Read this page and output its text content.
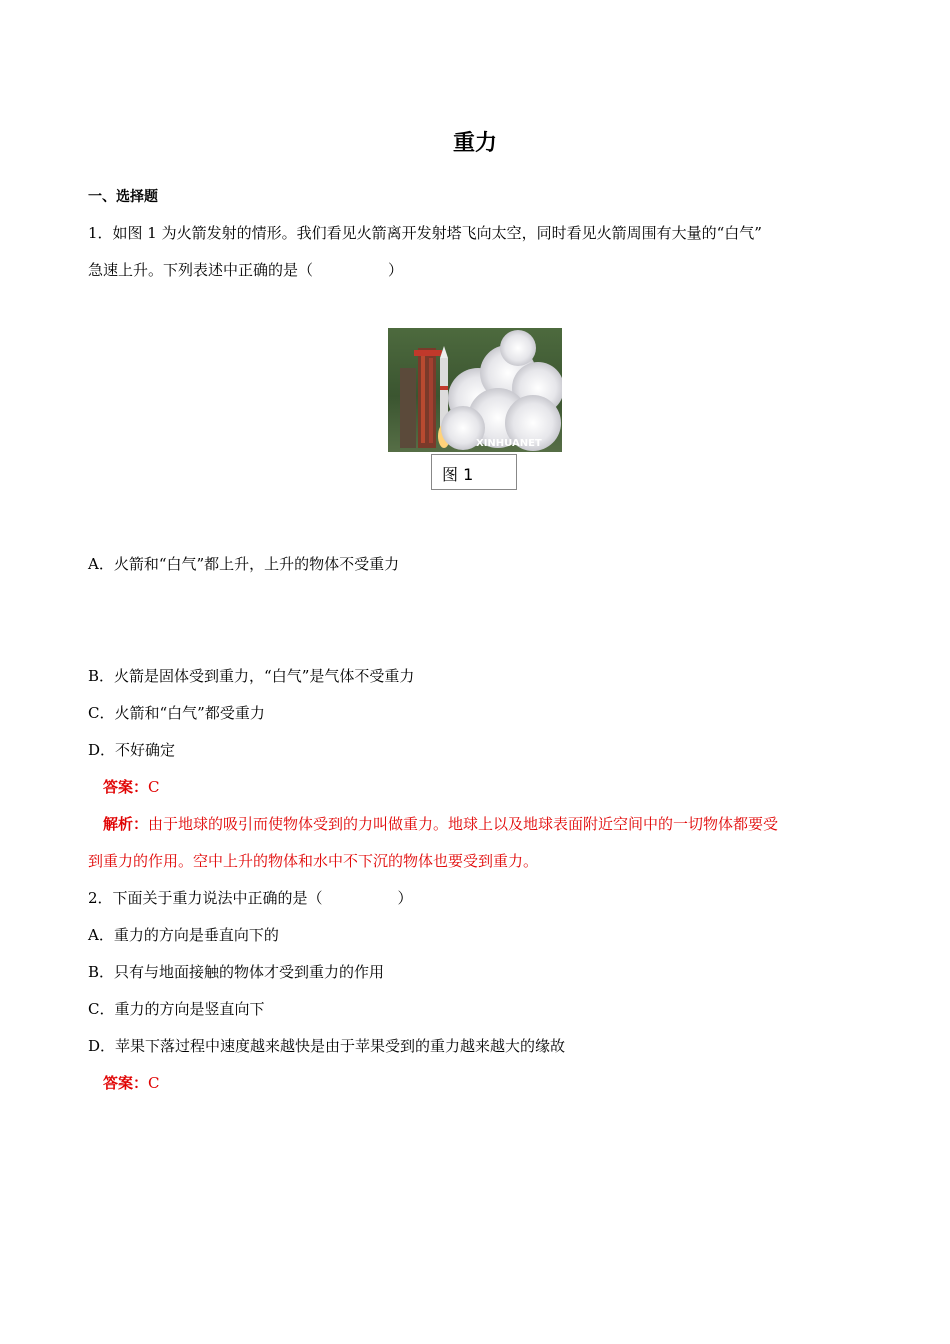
重力
一、选择题
1．如图 1 为火箭发射的情形。我们看见火箭离开发射塔飞向太空，同时看见火箭周围有大量的“白气”
急速上升。下列表述中正确的是（　　　　　）
XINHUANET
图 1
A．火箭和“白气”都上升，上升的物体不受重力
B．火箭是固体受到重力，“白气”是气体不受重力
C．火箭和“白气”都受重力
D．不好确定
答案：C
解析：由于地球的吸引而使物体受到的力叫做重力。地球上以及地球表面附近空间中的一切物体都要受
到重力的作用。空中上升的物体和水中不下沉的物体也要受到重力。
2．下面关于重力说法中正确的是（　　　　　）
A．重力的方向是垂直向下的
B．只有与地面接触的物体才受到重力的作用
C．重力的方向是竖直向下
D．苹果下落过程中速度越来越快是由于苹果受到的重力越来越大的缘故
答案：C
